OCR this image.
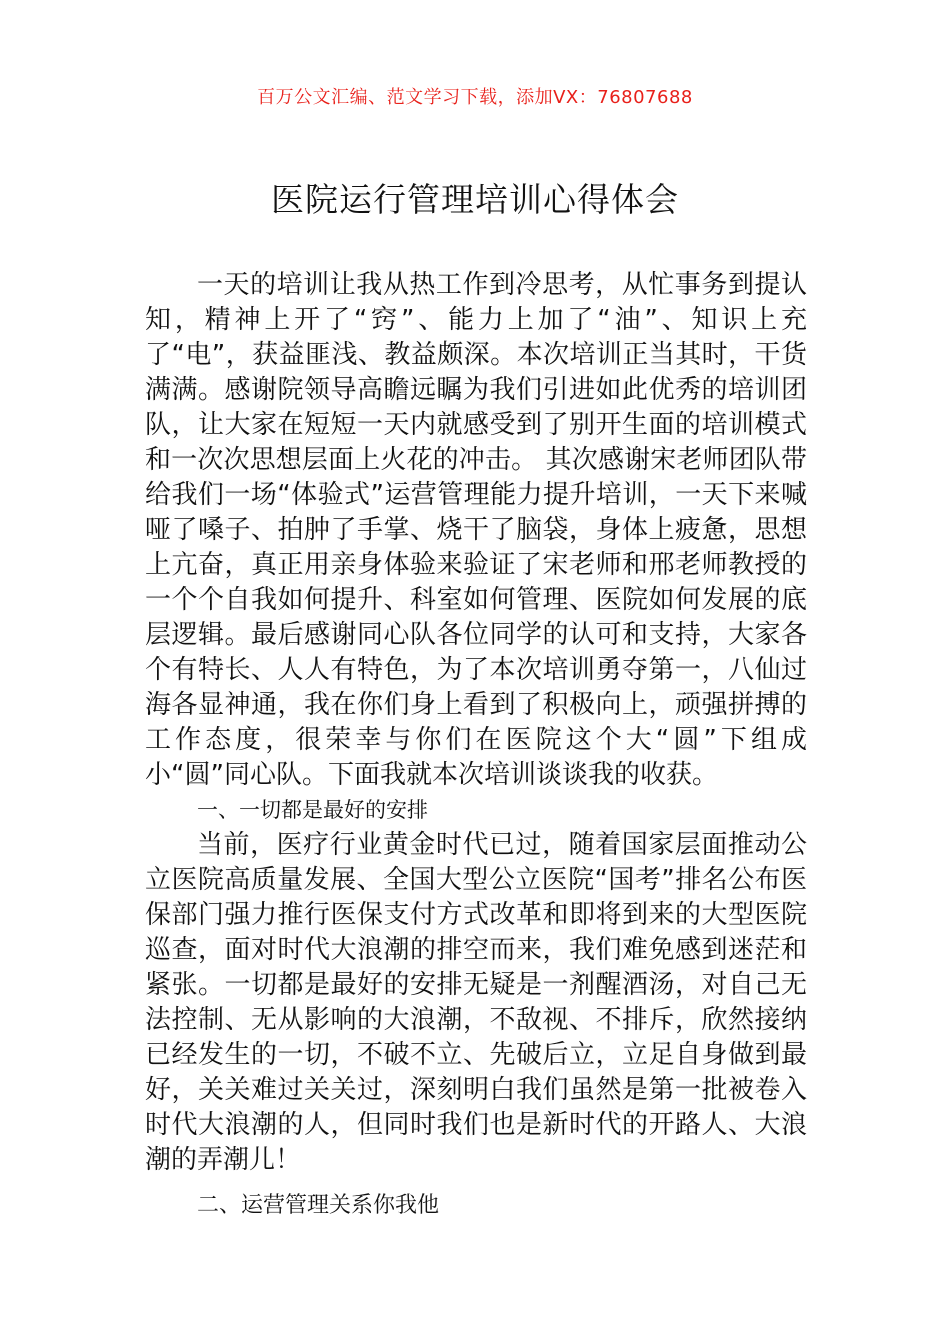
百万公文汇编、范文学习下载，添加VX：76807688
医院运行管理培训心得体会

一天的培训让我从热工作到冷思考，从忙事务到提认知，精神上开了“窍”、能力上加了“油”、知识上充了“电”，获益匪浅、教益颇深。本次培训正当其时，干货满满。感谢院领导高瞻远瞩为我们引进如此优秀的培训团队，让大家在短短一天内就感受到了别开生面的培训模式和一次次思想层面上火花的冲击。 其次感谢宋老师团队带给我们一场“体验式”运营管理能力提升培训，一天下来喊哑了嗓子、拍肿了手掌、烧干了脑袋，身体上疲惫，思想上亢奋，真正用亲身体验来验证了宋老师和邢老师教授的一个个自我如何提升、科室如何管理、医院如何发展的底层逻辑。最后感谢同心队各位同学的认可和支持，大家各个有特长、人人有特色，为了本次培训勇夺第一，八仙过海各显神通，我在你们身上看到了积极向上，顽强拼搏的工作态度，很荣幸与你们在医院这个大“圆”下组成小“圆”同心队。下面我就本次培训谈谈我的收获。

一、一切都是最好的安排

当前，医疗行业黄金时代已过，随着国家层面推动公立医院高质量发展、全国大型公立医院“国考”排名公布医保部门强力推行医保支付方式改革和即将到来的大型医院巡查，面对时代大浪潮的排空而来，我们难免感到迷茫和紧张。一切都是最好的安排无疑是一剂醒酒汤，对自己无法控制、无从影响的大浪潮，不敌视、不排斥，欣然接纳已经发生的一切，不破不立、先破后立，立足自身做到最好，关关难过关关过，深刻明白我们虽然是第一批被卷入时代大浪潮的人，但同时我们也是新时代的开路人、大浪潮的弄潮儿！

二、运营管理关系你我他
